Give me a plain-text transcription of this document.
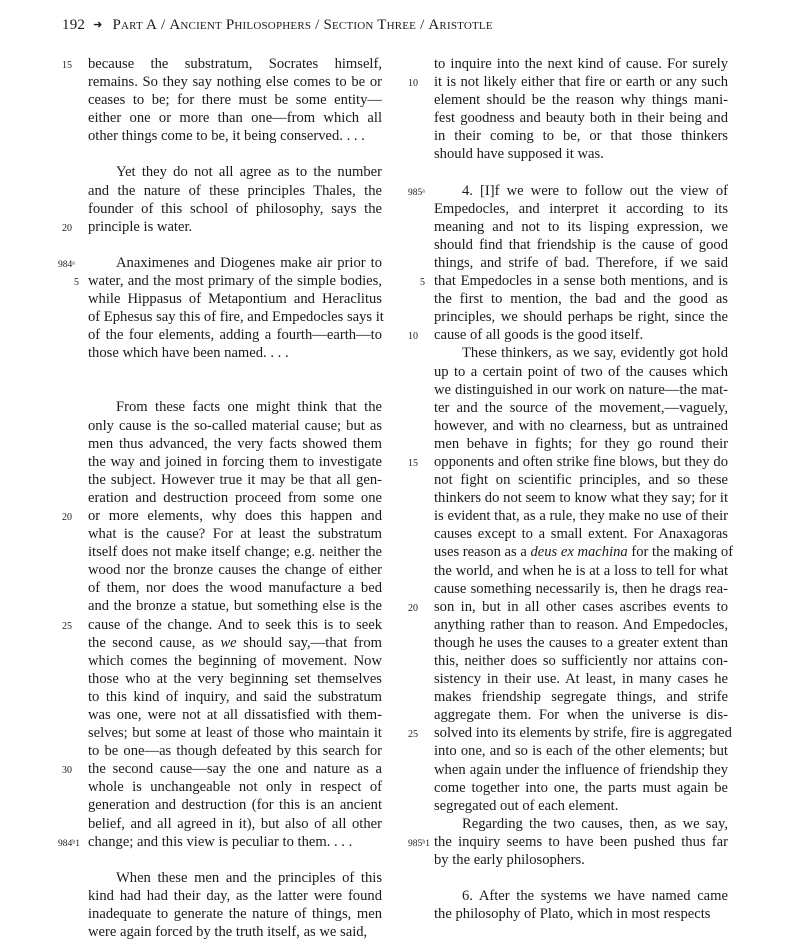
192 ➜ Part A / Ancient Philosophers / Section Three / Aristotle
because the substratum, Socrates himself,
15
remains. So they say nothing else comes to be or
ceases to be; for there must be some entity—
either one or more than one—from which all
other things come to be, it being conserved. . . .
Yet they do not all agree as to the number
and the nature of these principles Thales, the
founder of this school of philosophy, says the
principle is water.
20
Anaximenes and Diogenes make air prior to
984ᵃ
water, and the most primary of the simple bodies,
5
while Hippasus of Metapontium and Heraclitus
of Ephesus say this of fire, and Empedocles says it
of the four elements, adding a fourth—earth—to
those which have been named. . . .
From these facts one might think that the
only cause is the so-called material cause; but as
men thus advanced, the very facts showed them
the way and joined in forcing them to investigate
the subject. However true it may be that all gen-
eration and destruction proceed from some one
or more elements, why does this happen and
20
what is the cause? For at least the substratum
itself does not make itself change; e.g. neither the
wood nor the bronze causes the change of either
of them, nor does the wood manufacture a bed
and the bronze a statue, but something else is the
cause of the change. And to seek this is to seek
25
the second cause, as we should say,—that from
which comes the beginning of movement. Now
those who at the very beginning set themselves
to this kind of inquiry, and said the substratum
was one, were not at all dissatisfied with them-
selves; but some at least of those who maintain it
to be one—as though defeated by this search for
the second cause—say the one and nature as a
30
whole is unchangeable not only in respect of
generation and destruction (for this is an ancient
belief, and all agreed in it), but also of all other
change; and this view is peculiar to them. . . .
984ᵇ1
When these men and the principles of this
kind had had their day, as the latter were found
inadequate to generate the nature of things, men
were again forced by the truth itself, as we said,
to inquire into the next kind of cause. For surely
it is not likely either that fire or earth or any such
10
element should be the reason why things mani-
fest goodness and beauty both in their being and
in their coming to be, or that those thinkers
should have supposed it was.
4. [I]f we were to follow out the view of
985ᵃ
Empedocles, and interpret it according to its
meaning and not to its lisping expression, we
should find that friendship is the cause of good
things, and strife of bad. Therefore, if we said
that Empedocles in a sense both mentions, and is
5
the first to mention, the bad and the good as
principles, we should perhaps be right, since the
cause of all goods is the good itself.
10
These thinkers, as we say, evidently got hold
up to a certain point of two of the causes which
we distinguished in our work on nature—the mat-
ter and the source of the movement,—vaguely,
however, and with no clearness, but as untrained
men behave in fights; for they go round their
opponents and often strike fine blows, but they do
15
not fight on scientific principles, and so these
thinkers do not seem to know what they say; for it
is evident that, as a rule, they make no use of their
causes except to a small extent. For Anaxagoras
uses reason as a deus ex machina for the making of
the world, and when he is at a loss to tell for what
cause something necessarily is, then he drags rea-
son in, but in all other cases ascribes events to
20
anything rather than to reason. And Empedocles,
though he uses the causes to a greater extent than
this, neither does so sufficiently nor attains con-
sistency in their use. At least, in many cases he
makes friendship segregate things, and strife
aggregate them. For when the universe is dis-
solved into its elements by strife, fire is aggregated
25
into one, and so is each of the other elements; but
when again under the influence of friendship they
come together into one, the parts must again be
segregated out of each element.
Regarding the two causes, then, as we say,
the inquiry seems to have been pushed thus far
985ᵇ1
by the early philosophers.
6. After the systems we have named came
the philosophy of Plato, which in most respects
